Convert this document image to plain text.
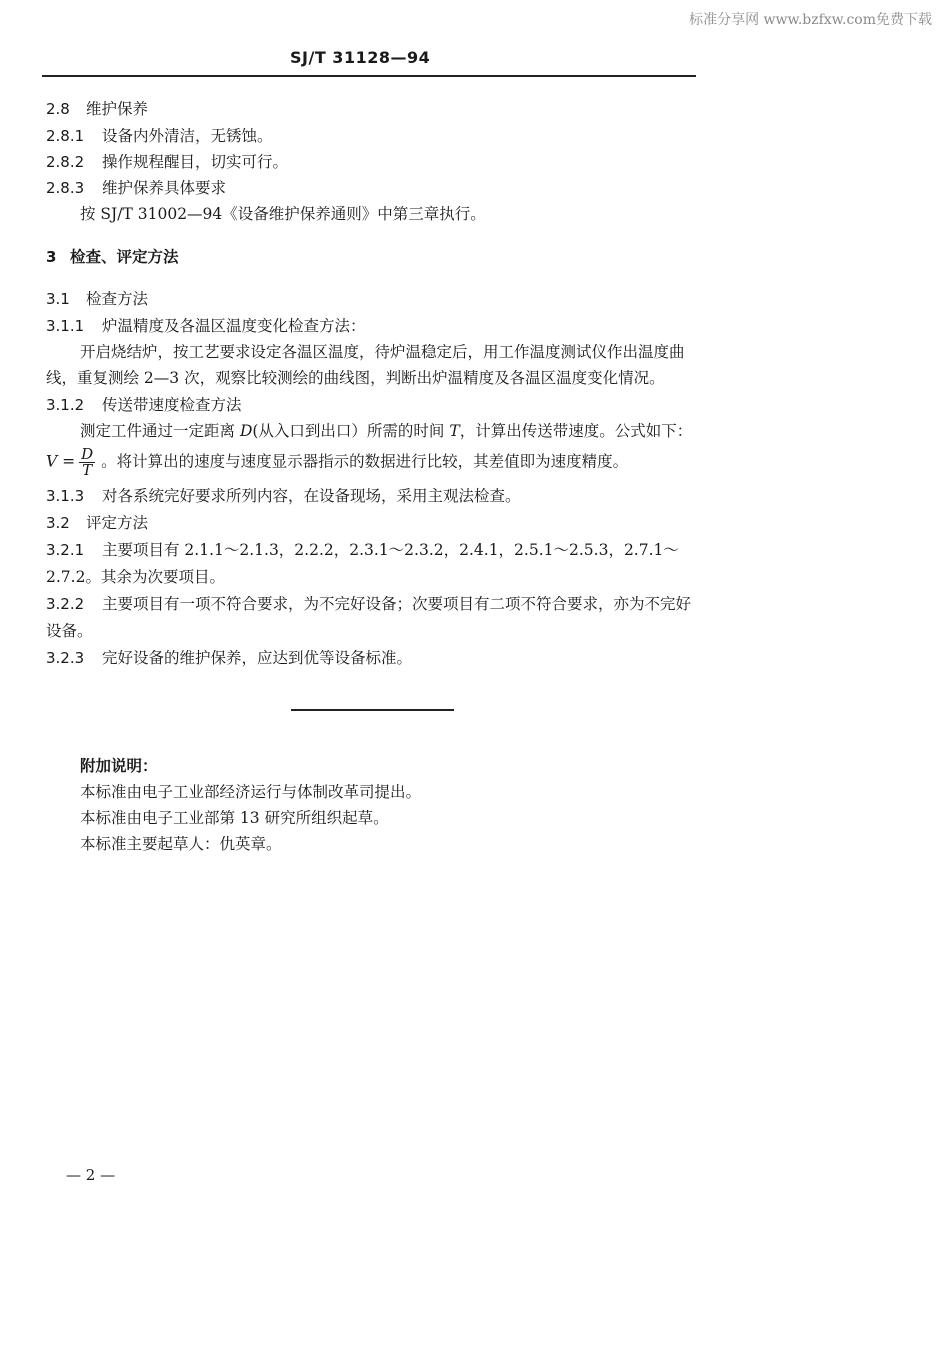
标准分享网 www.bzfxw.com免费下载
SJ/T 31128—94
2.8 维护保养
2.8.1 设备内外清洁，无锈蚀。
2.8.2 操作规程醒目，切实可行。
2.8.3 维护保养具体要求
按 SJ/T 31002—94《设备维护保养通则》中第三章执行。
3 检查、评定方法
3.1 检查方法
3.1.1 炉温精度及各温区温度变化检查方法：
开启烧结炉，按工艺要求设定各温区温度，待炉温稳定后，用工作温度测试仪作出温度曲
线，重复测绘 2—3 次，观察比较测绘的曲线图，判断出炉温精度及各温区温度变化情况。
3.1.2 传送带速度检查方法
测定工件通过一定距离 D(从入口到出口）所需的时间 T，计算出传送带速度。公式如下：
$V = \frac{D}{T}$ 。将计算出的速度与速度显示器指示的数据进行比较，其差值即为速度精度。
3.1.3 对各系统完好要求所列内容，在设备现场，采用主观法检查。
3.2 评定方法
3.2.1 主要项目有 2.1.1～2.1.3，2.2.2，2.3.1～2.3.2，2.4.1，2.5.1～2.5.3，2.7.1～
2.7.2。其余为次要项目。
3.2.2 主要项目有一项不符合要求，为不完好设备；次要项目有二项不符合要求，亦为不完好
设备。
3.2.3 完好设备的维护保养，应达到优等设备标准。
附加说明：
本标准由电子工业部经济运行与体制改革司提出。
本标准由电子工业部第 13 研究所组织起草。
本标准主要起草人：仇英章。
— 2 —
